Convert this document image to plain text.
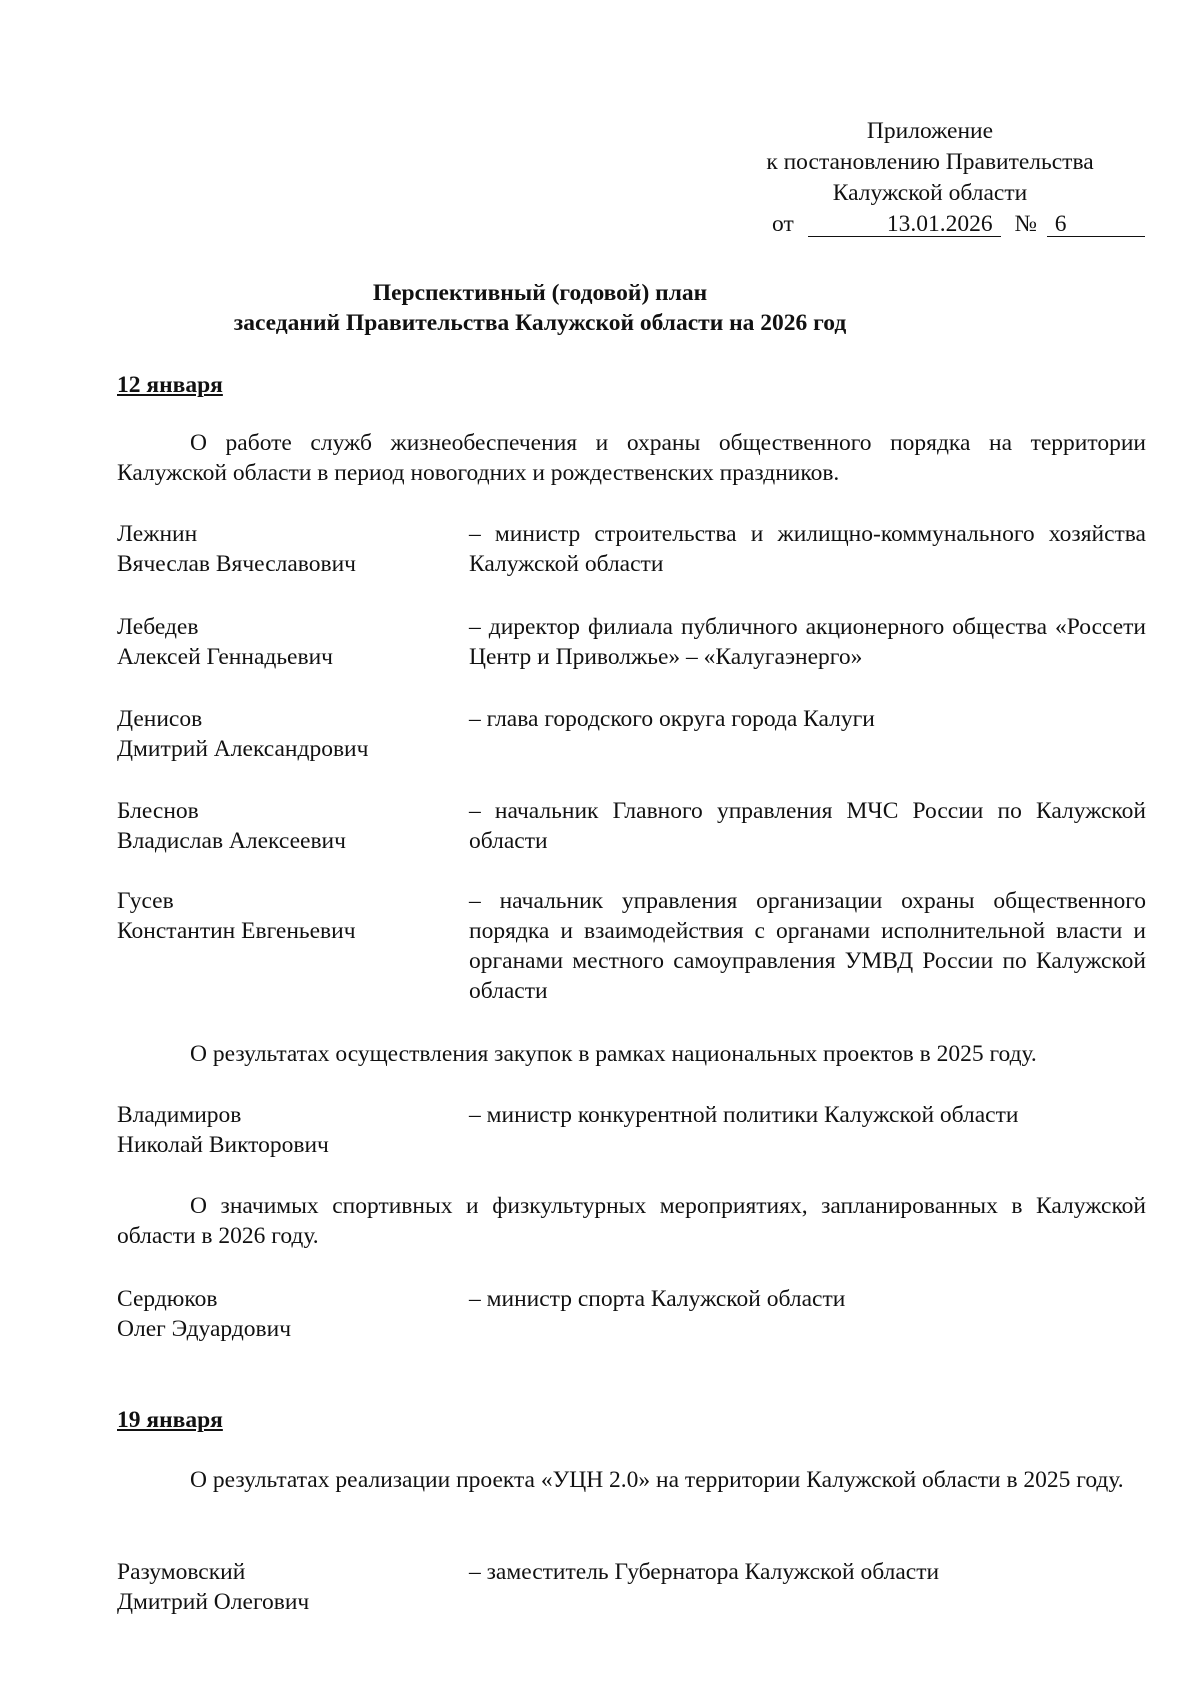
Приложение
к постановлению Правительства
Калужской области
от	13.01.2026 № 6
Перспективный (годовой) план
заседаний Правительства Калужской области на 2026 год
12 января
О работе служб жизнеобеспечения и охраны общественного порядка на территории Калужской области в период новогодних и рождественских праздников.
Лежнин
Вячеслав Вячеславович
– министр строительства и жилищно-коммунального хозяйства Калужской области
Лебедев
Алексей Геннадьевич
– директор филиала публичного акционерного общества «Россети Центр и Приволжье» – «Калугаэнерго»
Денисов
Дмитрий Александрович
– глава городского округа города Калуги
Блеснов
Владислав Алексеевич
– начальник Главного управления МЧС России по Калужской области
Гусев
Константин Евгеньевич
– начальник управления организации охраны общественного порядка и взаимодействия с органами исполнительной власти и органами местного самоуправления УМВД России по Калужской области
О результатах осуществления закупок в рамках национальных проектов в 2025 году.
Владимиров
Николай Викторович
– министр конкурентной политики Калужской области
О значимых спортивных и физкультурных мероприятиях, запланированных в Калужской области в 2026 году.
Сердюков
Олег Эдуардович
– министр спорта Калужской области
19 января
О результатах реализации проекта «УЦН 2.0» на территории Калужской области в 2025 году.
Разумовский
Дмитрий Олегович
– заместитель Губернатора Калужской области
